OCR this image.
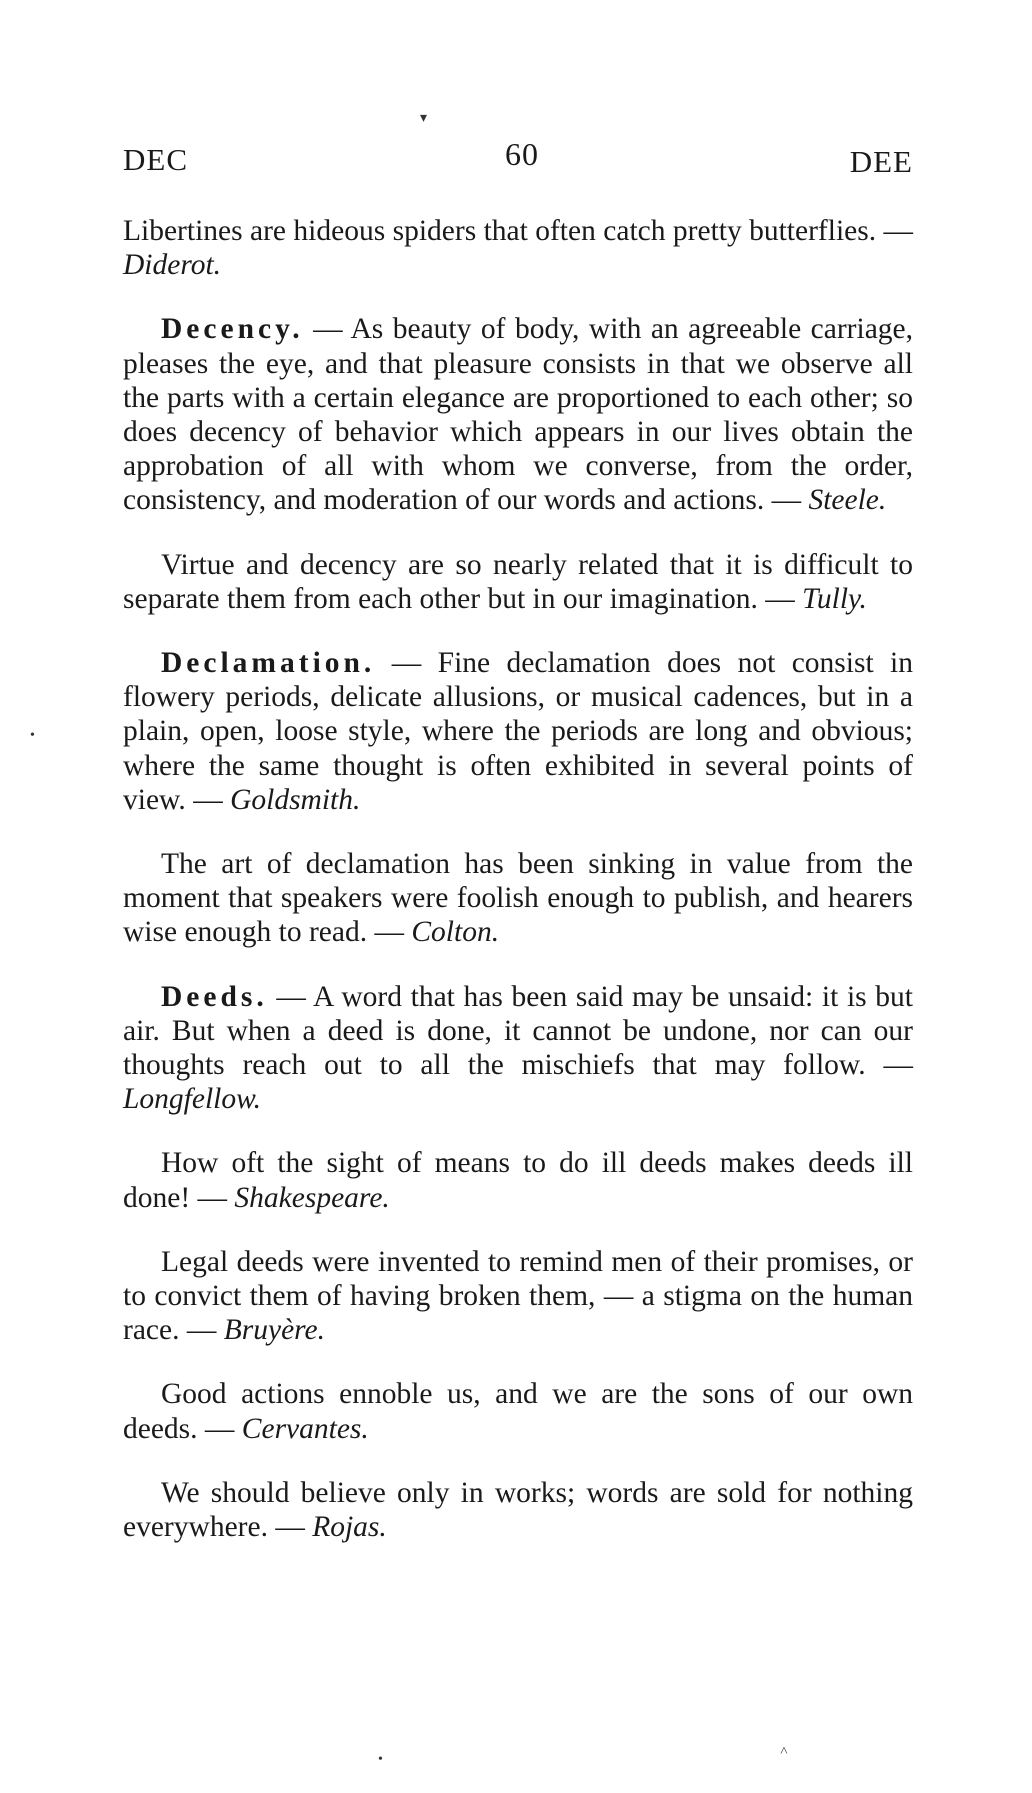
DEC	60	DEE

Libertines are hideous spiders that often catch pretty butterflies. — Diderot.

Decency. — As beauty of body, with an agreeable carriage, pleases the eye, and that pleasure consists in that we observe all the parts with a certain elegance are proportioned to each other; so does decency of behavior which appears in our lives obtain the approbation of all with whom we converse, from the order, consistency, and moderation of our words and actions. — Steele.

Virtue and decency are so nearly related that it is difficult to separate them from each other but in our imagination. — Tully.

Declamation. — Fine declamation does not consist in flowery periods, delicate allusions, or musical cadences, but in a plain, open, loose style, where the periods are long and obvious; where the same thought is often exhibited in several points of view. — Goldsmith.

The art of declamation has been sinking in value from the moment that speakers were foolish enough to publish, and hearers wise enough to read. — Colton.

Deeds. — A word that has been said may be unsaid: it is but air. But when a deed is done, it cannot be undone, nor can our thoughts reach out to all the mischiefs that may follow. — Longfellow.

How oft the sight of means to do ill deeds makes deeds ill done! — Shakespeare.

Legal deeds were invented to remind men of their promises, or to convict them of having broken them, — a stigma on the human race. — Bruyère.

Good actions ennoble us, and we are the sons of our own deeds. — Cervantes.

We should believe only in works; words are sold for nothing everywhere. — Rojas.

▾
•
•
˄
